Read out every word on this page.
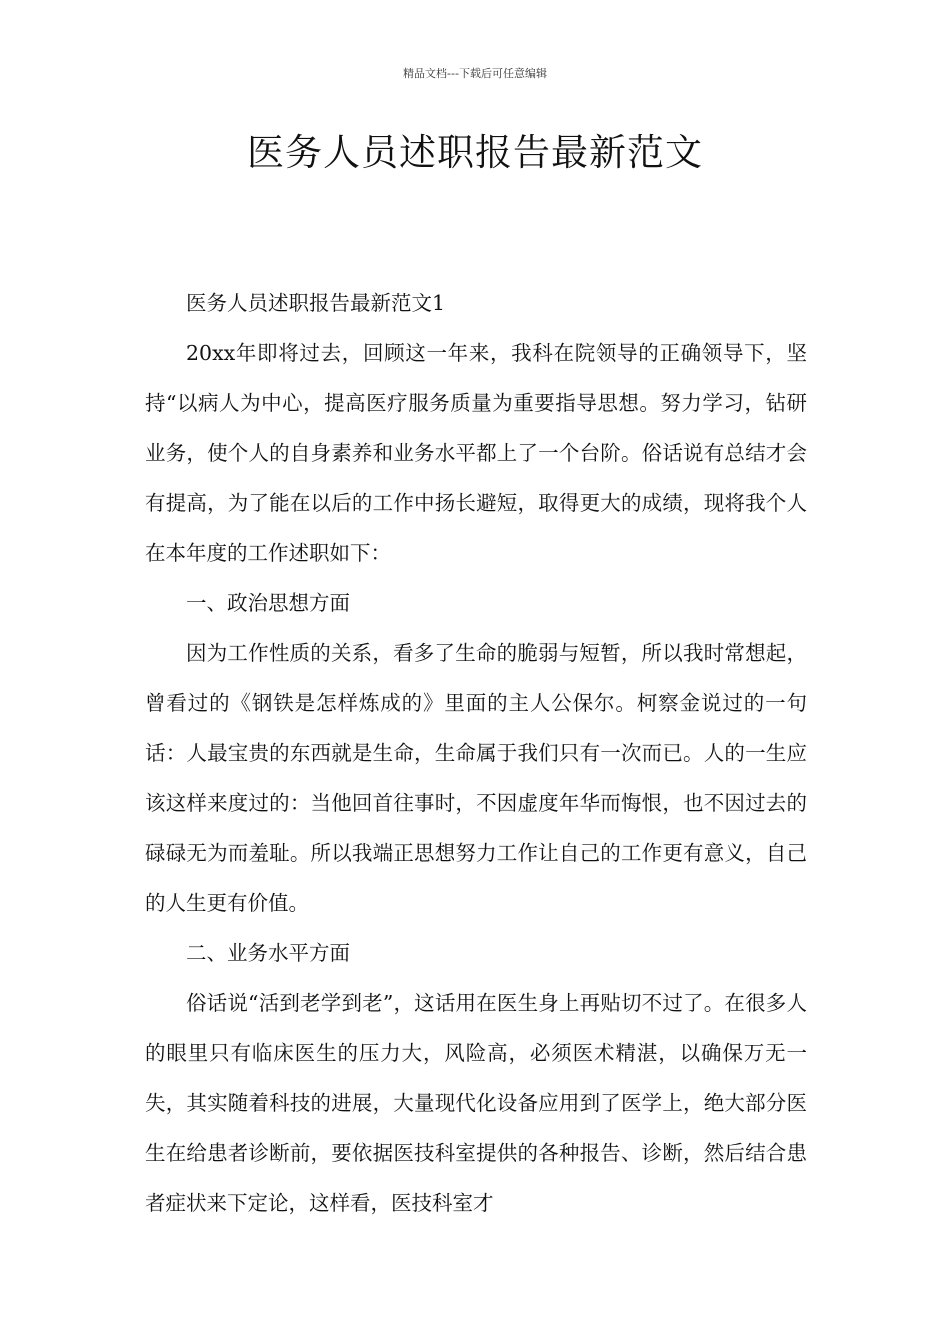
精品文档---下载后可任意编辑
医务人员述职报告最新范文

医务人员述职报告最新范文1

20xx年即将过去，回顾这一年来，我科在院领导的正确领导下，坚持“以病人为中心，提高医疗服务质量为重要指导思想。努力学习，钻研业务，使个人的自身素养和业务水平都上了一个台阶。俗话说有总结才会有提高，为了能在以后的工作中扬长避短，取得更大的成绩，现将我个人在本年度的工作述职如下：

一、政治思想方面

因为工作性质的关系，看多了生命的脆弱与短暂，所以我时常想起，曾看过的《钢铁是怎样炼成的》里面的主人公保尔。柯察金说过的一句话：人最宝贵的东西就是生命，生命属于我们只有一次而已。人的一生应该这样来度过的：当他回首往事时，不因虚度年华而悔恨，也不因过去的碌碌无为而羞耻。所以我端正思想努力工作让自己的工作更有意义，自己的人生更有价值。

二、业务水平方面

俗话说“活到老学到老”，这话用在医生身上再贴切不过了。在很多人的眼里只有临床医生的压力大，风险高，必须医术精湛，以确保万无一失，其实随着科技的进展，大量现代化设备应用到了医学上，绝大部分医生在给患者诊断前，要依据医技科室提供的各种报告、诊断，然后结合患者症状来下定论，这样看，医技科室才
